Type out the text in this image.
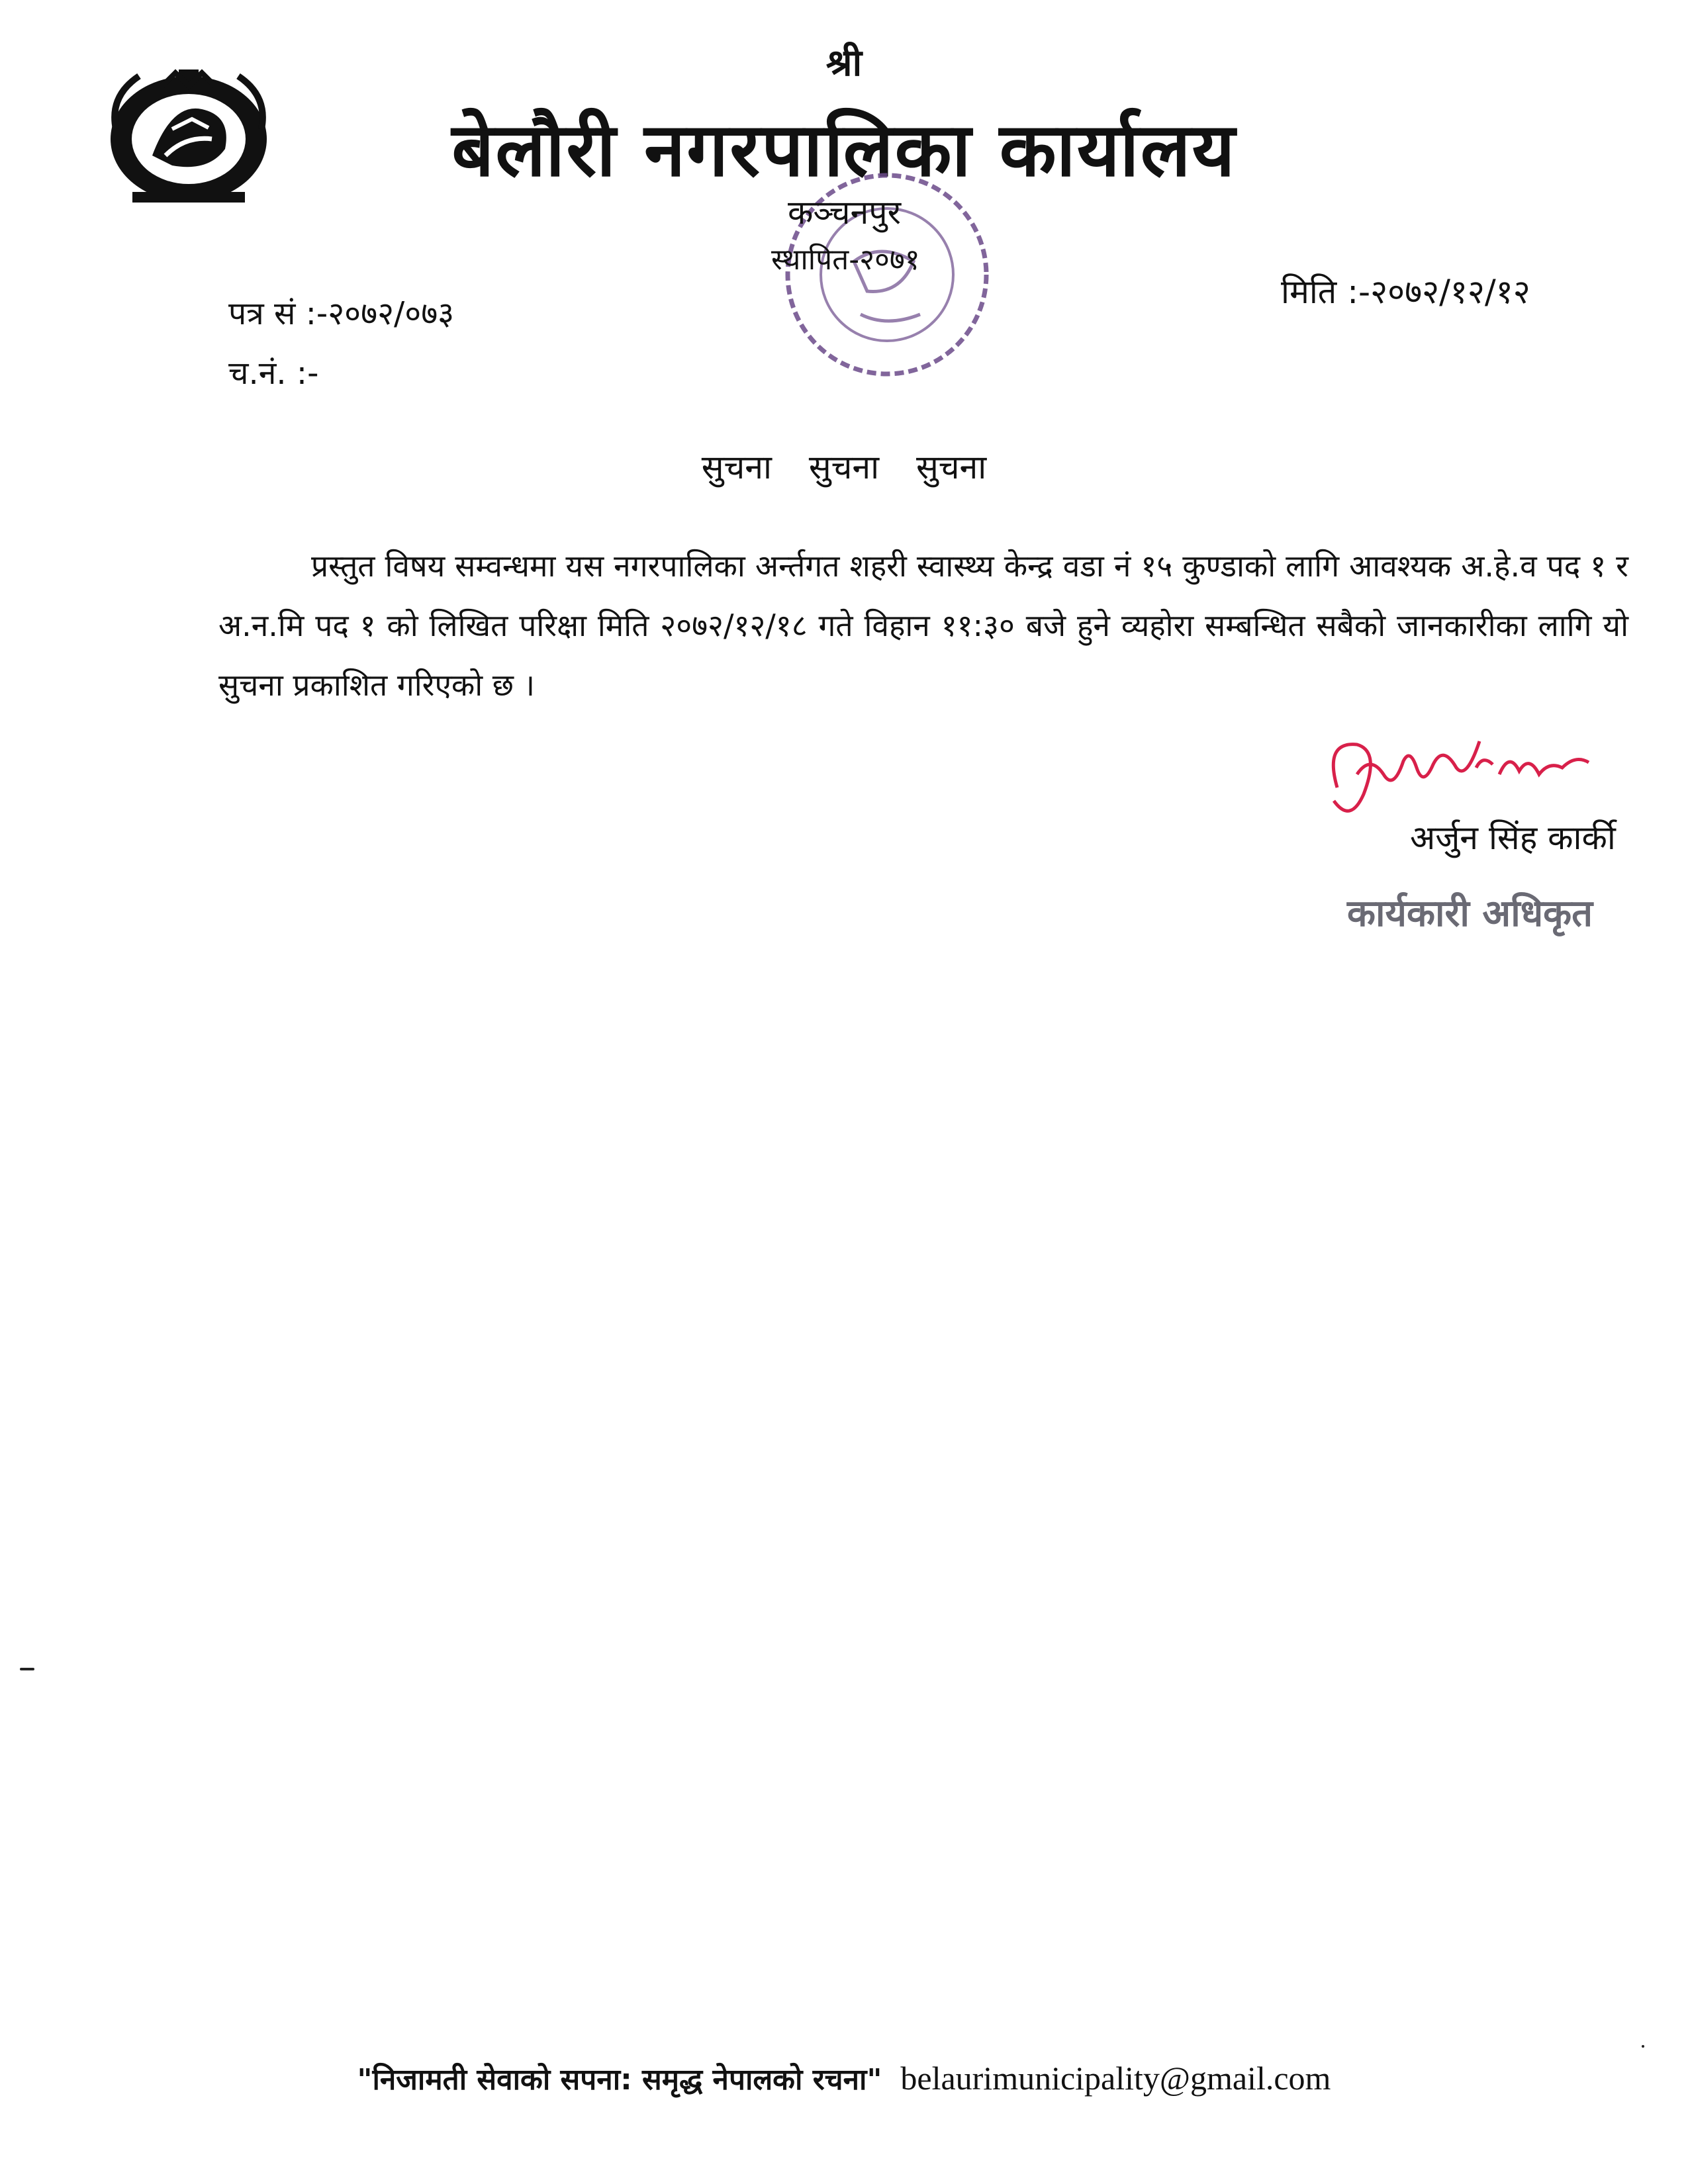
श्री
बेलौरी नगरपालिका कार्यालय
कञ्चनपुर
स्थापित-२०७१
पत्र सं :-२०७२/०७३
च.नं. :-
मिति :-२०७२/१२/१२
सुचना सुचना सुचना
प्रस्तुत विषय सम्वन्धमा यस नगरपालिका अर्न्तगत शहरी स्वास्थ्य केन्द्र वडा नं १५ कुण्डाको लागि आवश्यक अ.हे.व पद १ र अ.न.मि पद १ को लिखित परिक्षा मिति २०७२/१२/१८ गते विहान ११:३० बजे हुने व्यहोरा सम्बन्धित सबैको जानकारीका लागि यो सुचना प्रकाशित गरिएको छ ।
अर्जुन सिंह कार्की
कार्यकारी अधिकृत
"निजामती सेवाको सपना: समृद्ध नेपालको रचना" belaurimunicipality@gmail.com
